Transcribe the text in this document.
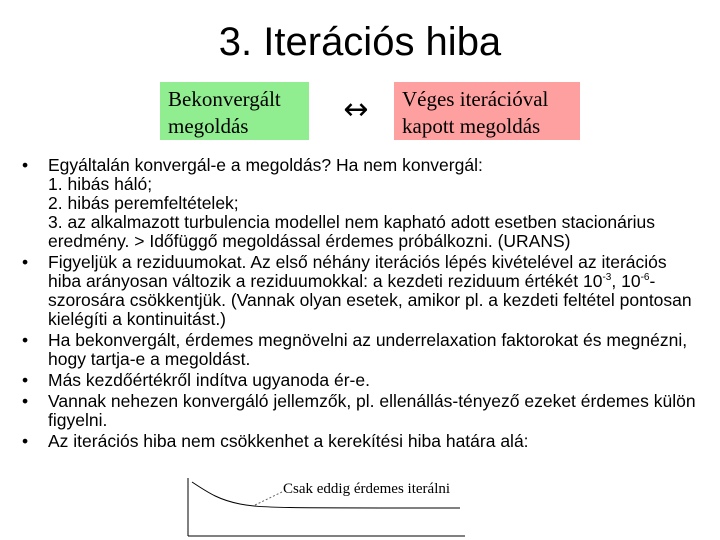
3. Iterációs hiba
Bekonvergált
megoldás	↔	Véges iterációval
kapott megoldás
• Egyáltalán konvergál-e a megoldás? Ha nem konvergál:
1. hibás háló;
2. hibás peremfeltételek;
3. az alkalmazott turbulencia modellel nem kapható adott esetben stacionárius eredmény. > Időfüggő megoldással érdemes próbálkozni. (URANS)
• Figyeljük a reziduumokat. Az első néhány iterációs lépés kivételével az iterációs hiba arányosan változik a reziduumokkal: a kezdeti reziduum értékét $10^{-3}$, $10^{-6}$-szorosára csökkentjük. (Vannak olyan esetek, amikor pl. a kezdeti feltétel pontosan kielégíti a kontinuitást.)
• Ha bekonvergált, érdemes megnövelni az underrelaxation faktorokat és megnézni, hogy tartja-e a megoldást.
• Más kezdőértékről indítva ugyanoda ér-e.
• Vannak nehezen konvergáló jellemzők, pl. ellenállás-tényező ezeket érdemes külön figyelni.
• Az iterációs hiba nem csökkenhet a kerekítési hiba határa alá:
Csak eddig érdemes iterálni
